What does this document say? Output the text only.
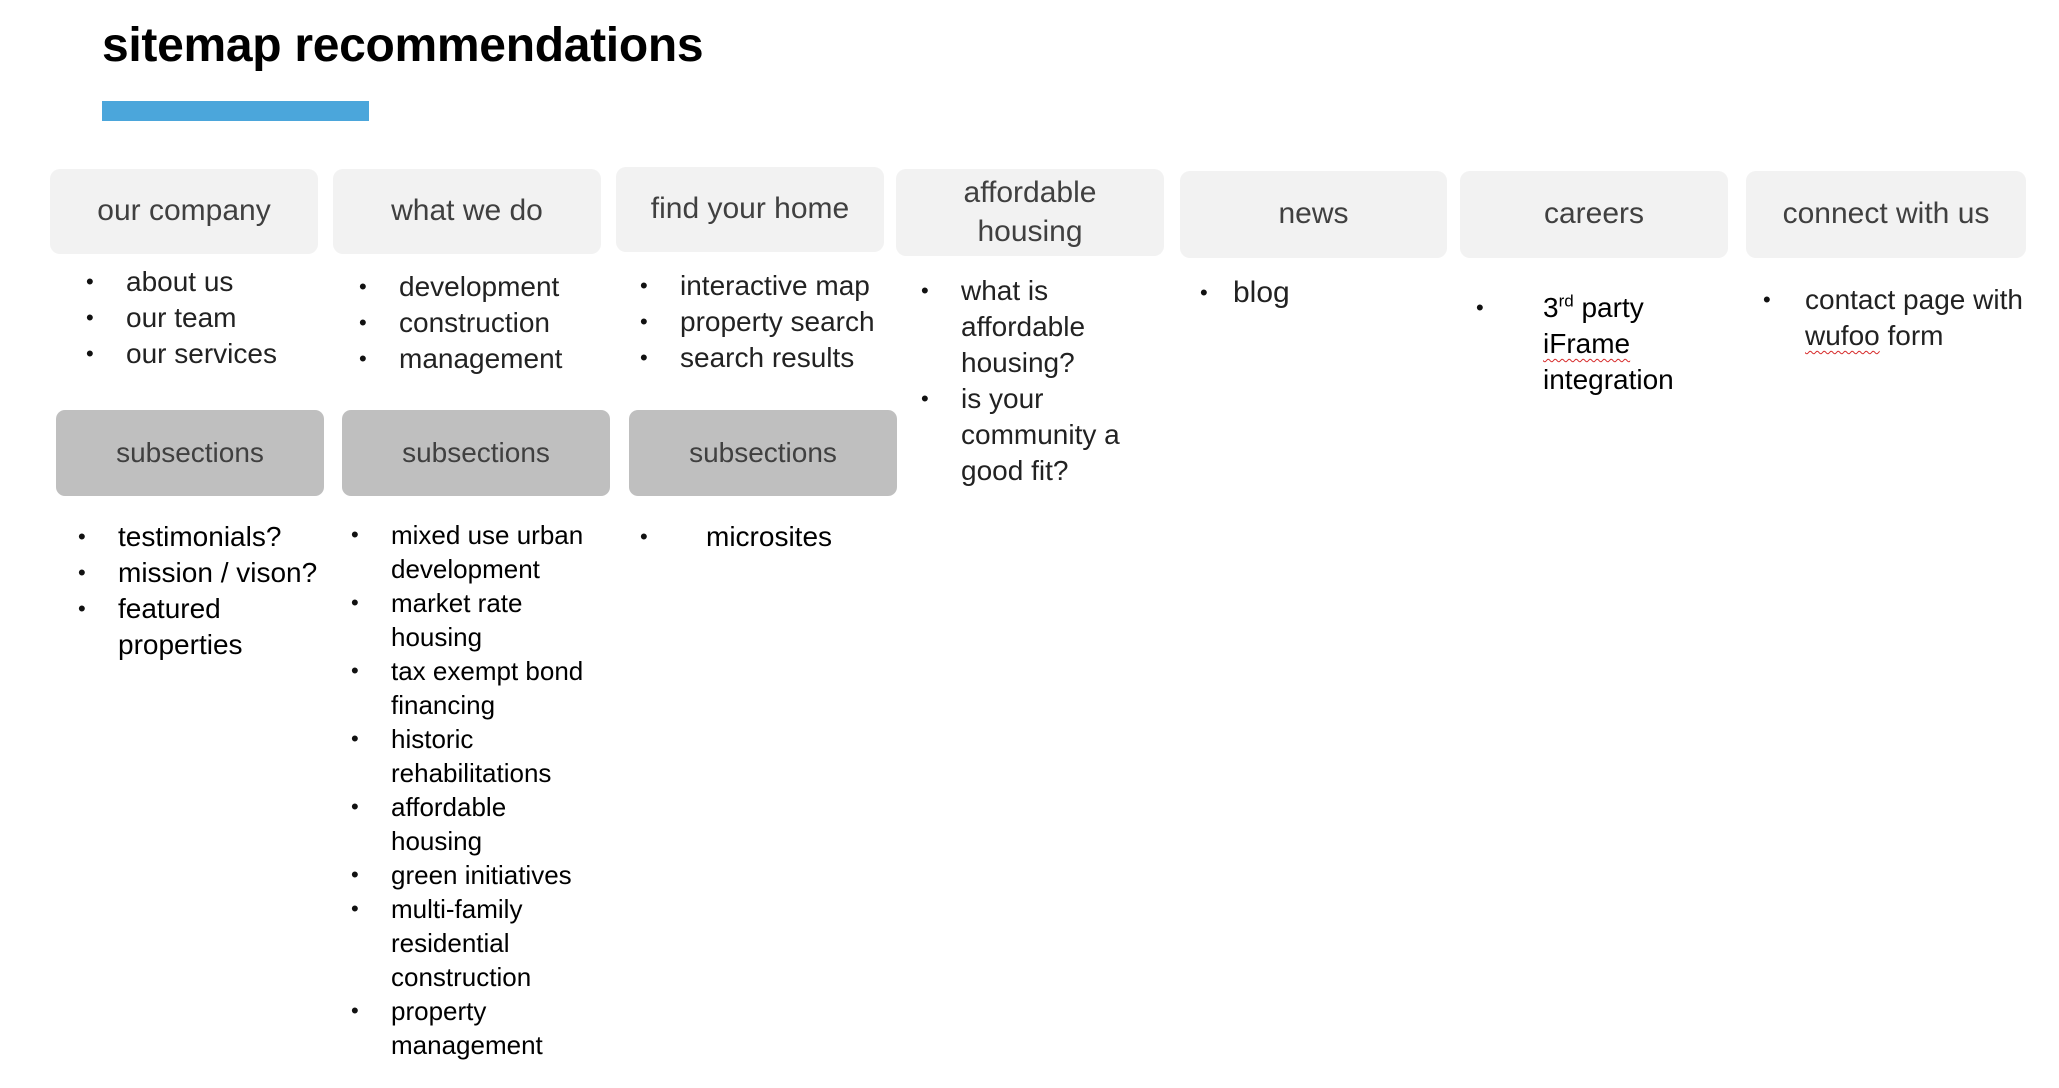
sitemap recommendations
our company
• about us
• our team
• our services
subsections
• testimonials?
• mission / vison?
• featured properties
what we do
• development
• construction
• management
subsections
• mixed use urban development
• market rate housing
• tax exempt bond financing
• historic rehabilitations
• affordable housing
• green initiatives
• multi-family residential construction
• property management
find your home
• interactive map
• property search
• search results
subsections
• microsites
affordable housing
• what is affordable housing?
• is your community a good fit?
news
• blog
careers
• 3rd party
iFrame
integration
connect with us
• contact page with wufoo form
